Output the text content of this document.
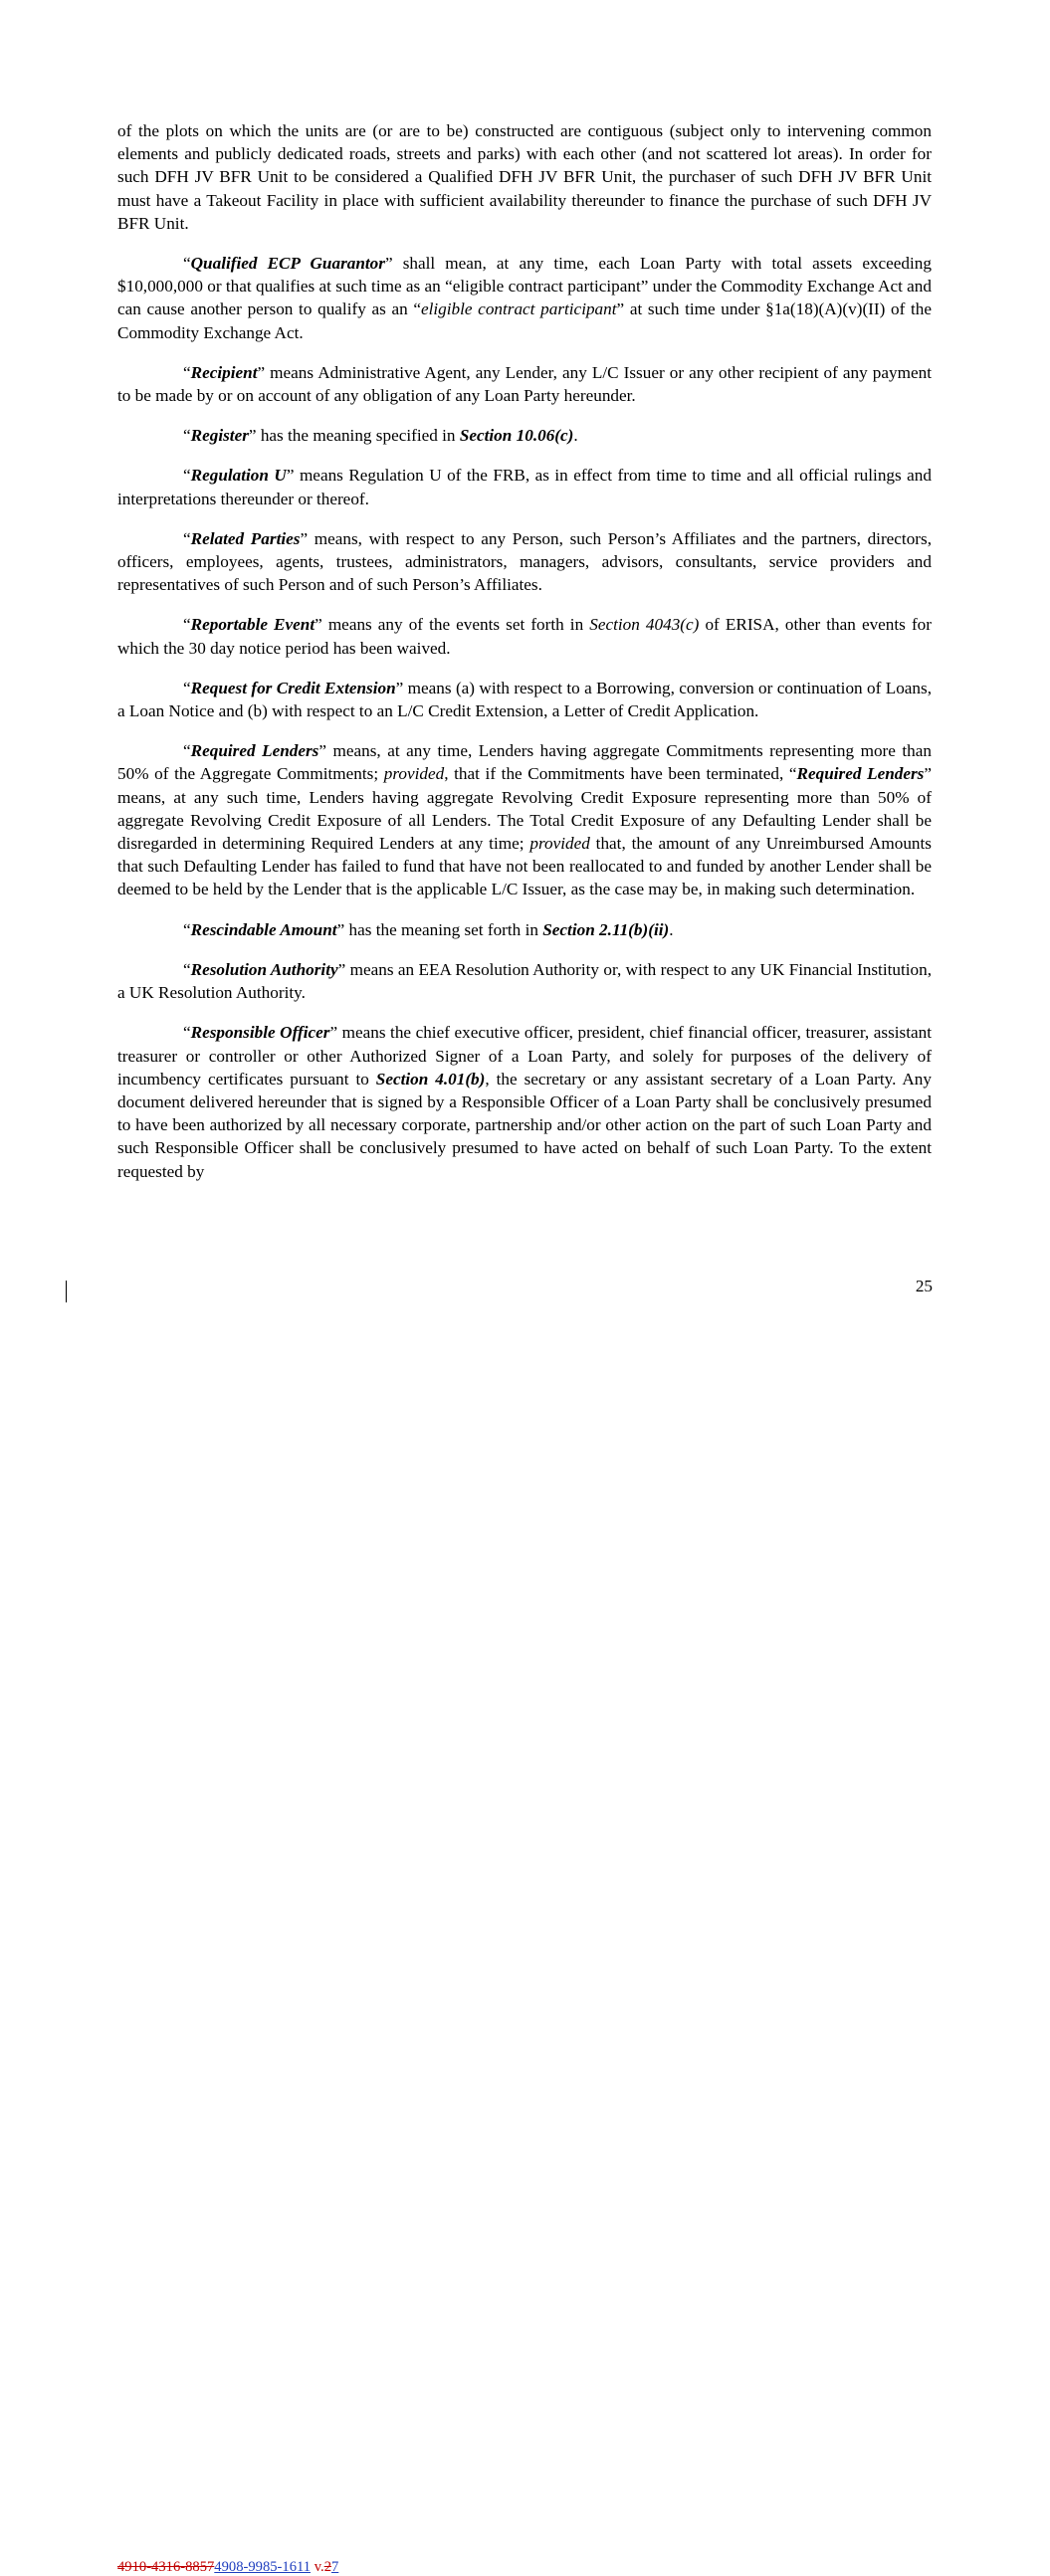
of the plots on which the units are (or are to be) constructed are contiguous (subject only to intervening common elements and publicly dedicated roads, streets and parks) with each other (and not scattered lot areas). In order for such DFH JV BFR Unit to be considered a Qualified DFH JV BFR Unit, the purchaser of such DFH JV BFR Unit must have a Takeout Facility in place with sufficient availability thereunder to finance the purchase of such DFH JV BFR Unit.

“Qualified ECP Guarantor” shall mean, at any time, each Loan Party with total assets exceeding $10,000,000 or that qualifies at such time as an “eligible contract participant” under the Commodity Exchange Act and can cause another person to qualify as an “eligible contract participant” at such time under §1a(18)(A)(v)(II) of the Commodity Exchange Act.

“Recipient” means Administrative Agent, any Lender, any L/C Issuer or any other recipient of any payment to be made by or on account of any obligation of any Loan Party hereunder.

“Register” has the meaning specified in Section 10.06(c).

“Regulation U” means Regulation U of the FRB, as in effect from time to time and all official rulings and interpretations thereunder or thereof.

“Related Parties” means, with respect to any Person, such Person’s Affiliates and the partners, directors, officers, employees, agents, trustees, administrators, managers, advisors, consultants, service providers and representatives of such Person and of such Person’s Affiliates.

“Reportable Event” means any of the events set forth in Section 4043(c) of ERISA, other than events for which the 30 day notice period has been waived.

“Request for Credit Extension” means (a) with respect to a Borrowing, conversion or continuation of Loans, a Loan Notice and (b) with respect to an L/C Credit Extension, a Letter of Credit Application.

“Required Lenders” means, at any time, Lenders having aggregate Commitments representing more than 50% of the Aggregate Commitments; provided, that if the Commitments have been terminated, “Required Lenders” means, at any such time, Lenders having aggregate Revolving Credit Exposure representing more than 50% of aggregate Revolving Credit Exposure of all Lenders. The Total Credit Exposure of any Defaulting Lender shall be disregarded in determining Required Lenders at any time; provided that, the amount of any Unreimbursed Amounts that such Defaulting Lender has failed to fund that have not been reallocated to and funded by another Lender shall be deemed to be held by the Lender that is the applicable L/C Issuer, as the case may be, in making such determination.

“Rescindable Amount” has the meaning set forth in Section 2.11(b)(ii).

“Resolution Authority” means an EEA Resolution Authority or, with respect to any UK Financial Institution, a UK Resolution Authority.

“Responsible Officer” means the chief executive officer, president, chief financial officer, treasurer, assistant treasurer or controller or other Authorized Signer of a Loan Party, and solely for purposes of the delivery of incumbency certificates pursuant to Section 4.01(b), the secretary or any assistant secretary of a Loan Party. Any document delivered hereunder that is signed by a Responsible Officer of a Loan Party shall be conclusively presumed to have been authorized by all necessary corporate, partnership and/or other action on the part of such Loan Party and such Responsible Officer shall be conclusively presumed to have acted on behalf of such Loan Party. To the extent requested by

4910-4316-88574908-9985-1611 v.27
25
